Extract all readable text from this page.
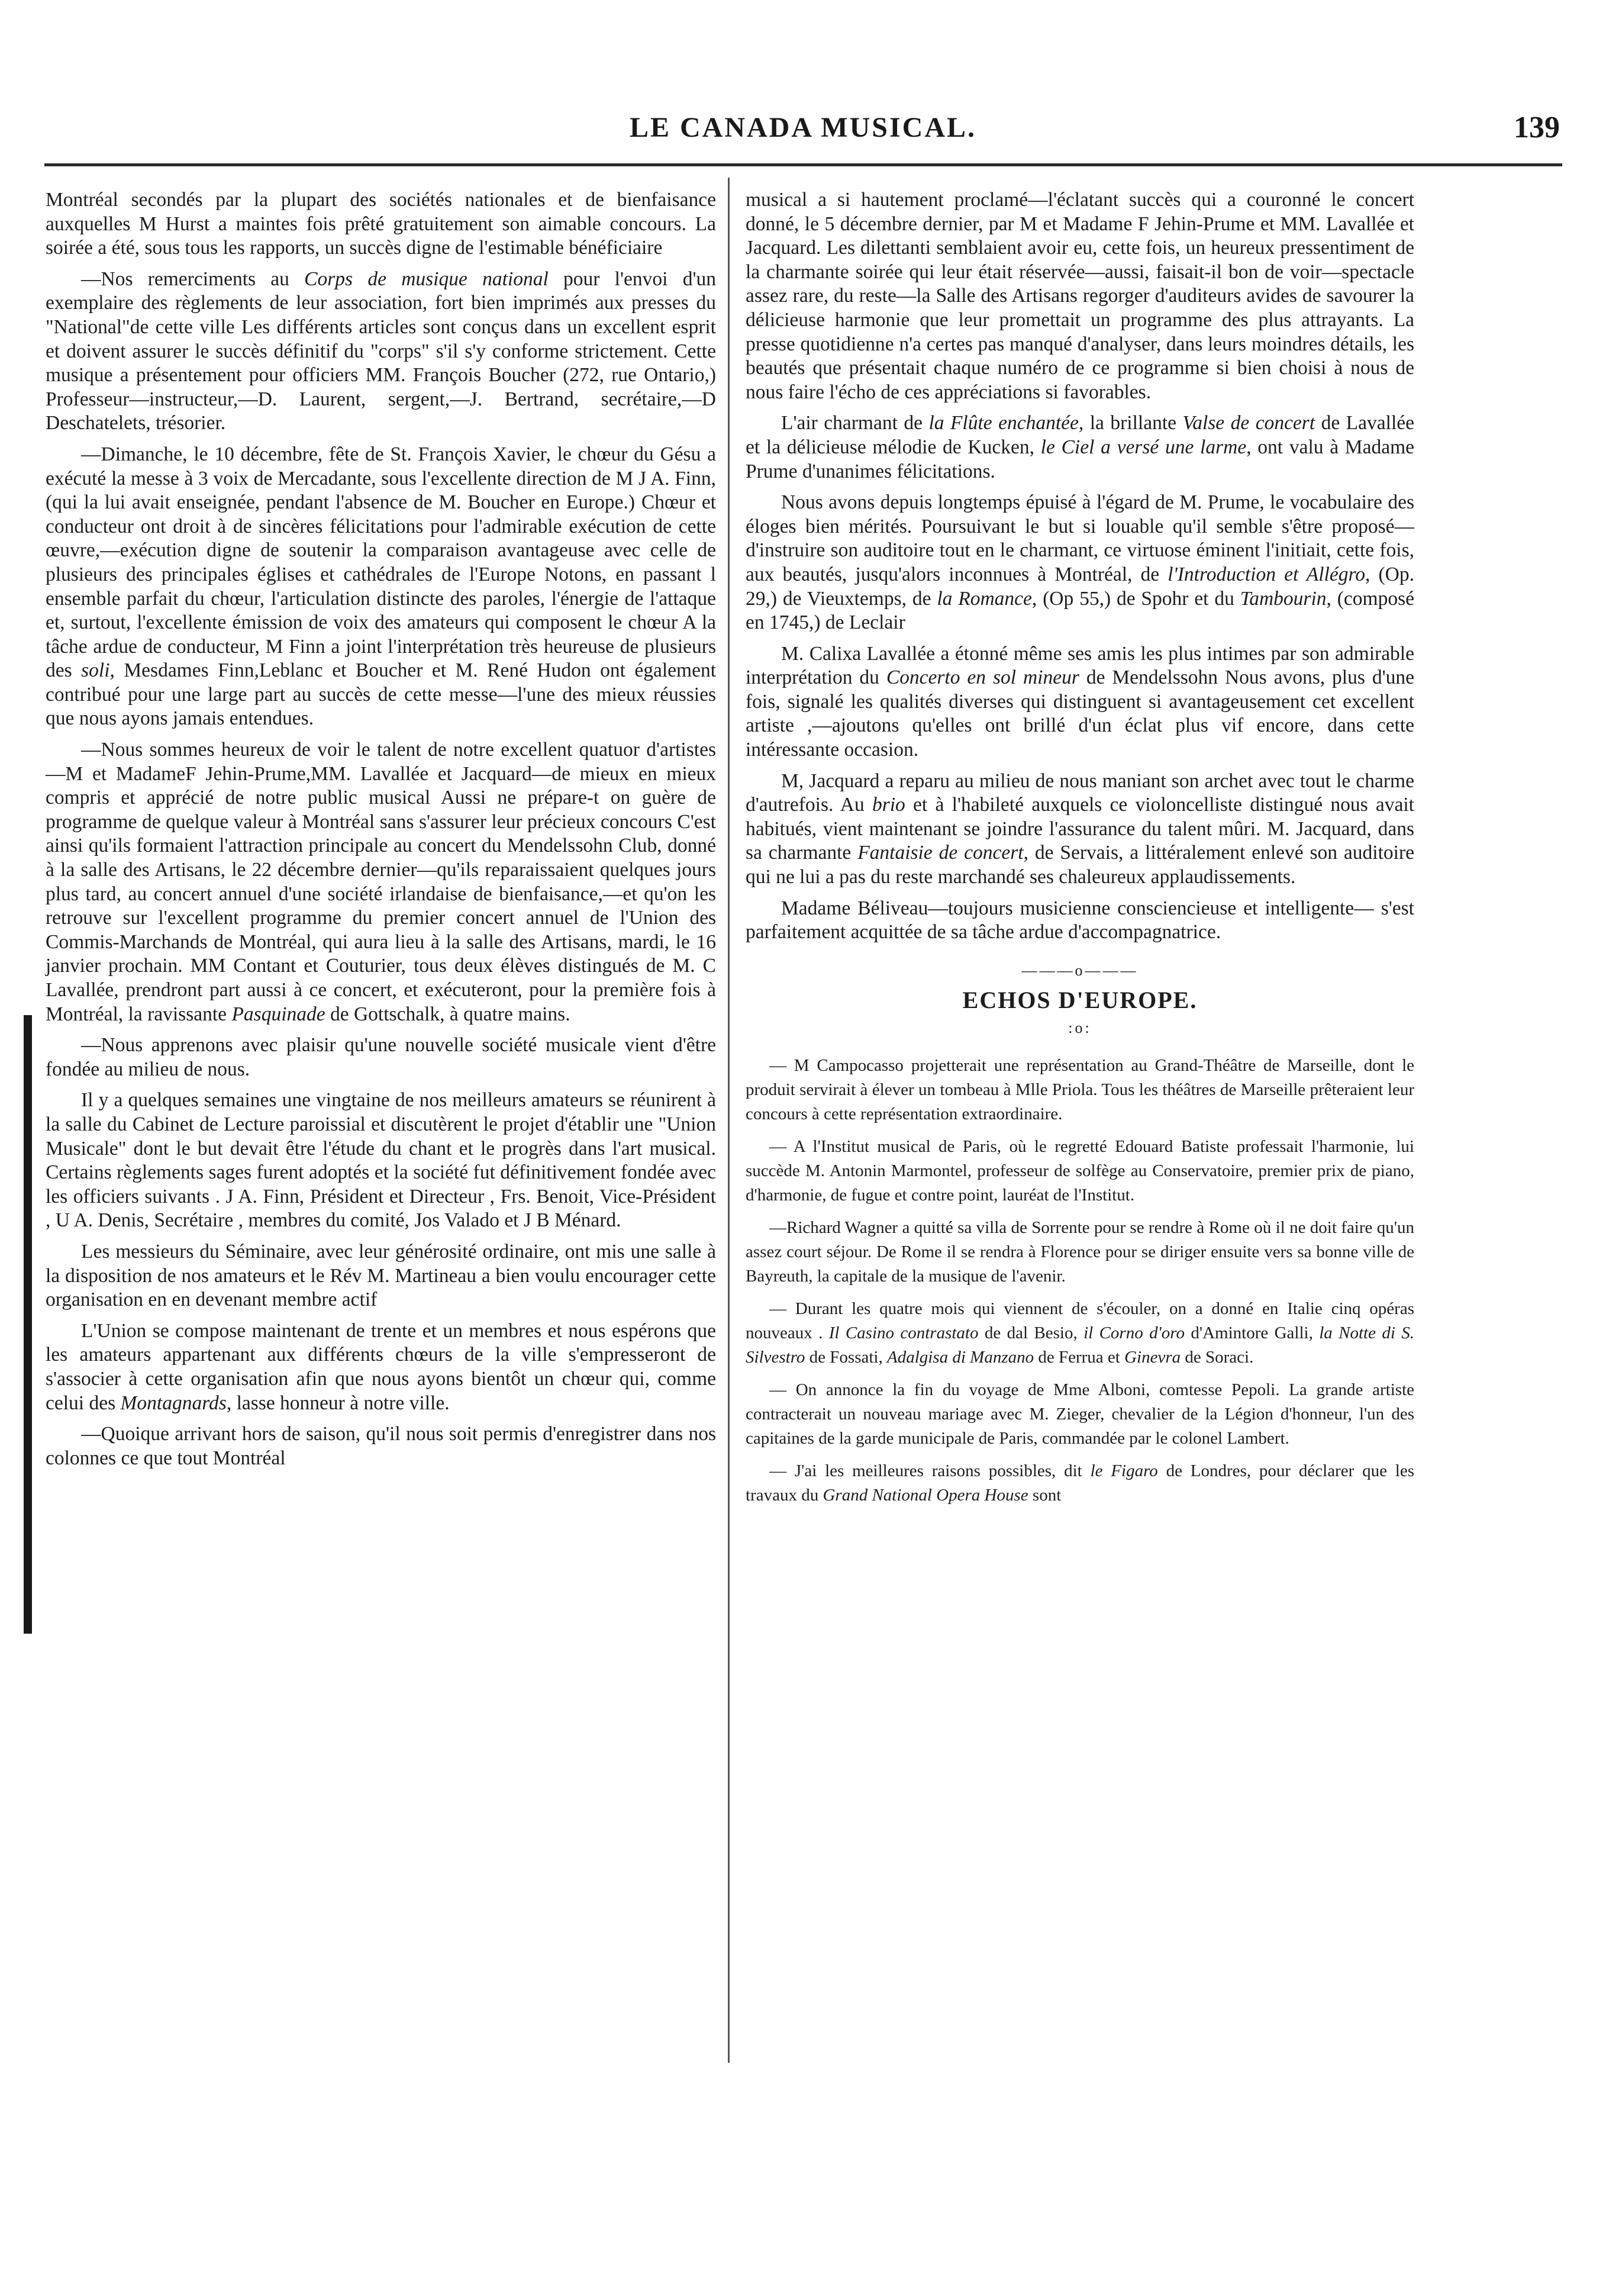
LE CANADA MUSICAL.	139

Montréal secondés par la plupart des sociétés nationales et de bienfaisance auxquelles M Hurst a maintes fois prêté gratuitement son aimable concours. La soirée a été, sous tous les rapports, un succès digne de l'estimable bénéficiaire

—Nos remerciments au Corps de musique national pour l'envoi d'un exemplaire des règlements de leur association, fort bien imprimés aux presses du "National"de cette ville Les différents articles sont conçus dans un excellent esprit et doivent assurer le succès définitif du "corps" s'il s'y conforme strictement. Cette musique a présentement pour officiers MM. François Boucher (272, rue Ontario,) Professeur—instructeur,—D. Laurent, sergent,—J. Bertrand, secrétaire,—D Deschatelets, trésorier.

—Dimanche, le 10 décembre, fête de St. François Xavier, le chœur du Gésu a exécuté la messe à 3 voix de Mercadante, sous l'excellente direction de M J A. Finn, (qui la lui avait enseignée, pendant l'absence de M. Boucher en Europe.) Chœur et conducteur ont droit à de sincères félicitations pour l'admirable exécution de cette œuvre,—exécution digne de soutenir la comparaison avantageuse avec celle de plusieurs des principales églises et cathédrales de l'Europe Notons, en passant l ensemble parfait du chœur, l'articulation distincte des paroles, l'énergie de l'attaque et, surtout, l'excellente émission de voix des amateurs qui composent le chœur A la tâche ardue de conducteur, M Finn a joint l'interprétation très heureuse de plusieurs des soli, Mesdames Finn,Leblanc et Boucher et M. René Hudon ont également contribué pour une large part au succès de cette messe—l'une des mieux réussies que nous ayons jamais entendues.

—Nous sommes heureux de voir le talent de notre excellent quatuor d'artistes—M et MadameF Jehin-Prume,MM. Lavallée et Jacquard—de mieux en mieux compris et apprécié de notre public musical Aussi ne prépare-t on guère de programme de quelque valeur à Montréal sans s'assurer leur précieux concours C'est ainsi qu'ils formaient l'attraction principale au concert du Mendelssohn Club, donné à la salle des Artisans, le 22 décembre dernier—qu'ils reparaissaient quelques jours plus tard, au concert annuel d'une société irlandaise de bienfaisance,—et qu'on les retrouve sur l'excellent programme du premier concert annuel de l'Union des Commis-Marchands de Montréal, qui aura lieu à la salle des Artisans, mardi, le 16 janvier prochain. MM Contant et Couturier, tous deux élèves distingués de M. C Lavallée, prendront part aussi à ce concert, et exécuteront, pour la première fois à Montréal, la ravissante Pasquinade de Gottschalk, à quatre mains.

—Nous apprenons avec plaisir qu'une nouvelle société musicale vient d'être fondée au milieu de nous.

Il y a quelques semaines une vingtaine de nos meilleurs amateurs se réunirent à la salle du Cabinet de Lecture paroissial et discutèrent le projet d'établir une "Union Musicale" dont le but devait être l'étude du chant et le progrès dans l'art musical. Certains règlements sages furent adoptés et la société fut définitivement fondée avec les officiers suivants . J A. Finn, Président et Directeur , Frs. Benoit, Vice-Président , U A. Denis, Secrétaire , membres du comité, Jos Valado et J B Ménard.

Les messieurs du Séminaire, avec leur générosité ordinaire, ont mis une salle à la disposition de nos amateurs et le Rév M. Martineau a bien voulu encourager cette organisation en en devenant membre actif

L'Union se compose maintenant de trente et un membres et nous espérons que les amateurs appartenant aux différents chœurs de la ville s'empresseront de s'associer à cette organisation afin que nous ayons bientôt un chœur qui, comme celui des Montagnards, lasse honneur à notre ville.

—Quoique arrivant hors de saison, qu'il nous soit permis d'enregistrer dans nos colonnes ce que tout Montréal

musical a si hautement proclamé—l'éclatant succès qui a couronné le concert donné, le 5 décembre dernier, par M et Madame F Jehin-Prume et MM. Lavallée et Jacquard. Les dilettanti semblaient avoir eu, cette fois, un heureux pressentiment de la charmante soirée qui leur était réservée—aussi, faisait-il bon de voir—spectacle assez rare, du reste—la Salle des Artisans regorger d'auditeurs avides de savourer la délicieuse harmonie que leur promettait un programme des plus attrayants. La presse quotidienne n'a certes pas manqué d'analyser, dans leurs moindres détails, les beautés que présentait chaque numéro de ce programme si bien choisi à nous de nous faire l'écho de ces appréciations si favorables.

L'air charmant de la Flûte enchantée, la brillante Valse de concert de Lavallée et la délicieuse mélodie de Kucken, le Ciel a versé une larme, ont valu à Madame Prume d'unanimes félicitations.

Nous avons depuis longtemps épuisé à l'égard de M. Prume, le vocabulaire des éloges bien mérités. Poursuivant le but si louable qu'il semble s'être proposé—d'instruire son auditoire tout en le charmant, ce virtuose éminent l'initiait, cette fois, aux beautés, jusqu'alors inconnues à Montréal, de l'Introduction et Allégro, (Op. 29,) de Vieuxtemps, de la Romance, (Op 55,) de Spohr et du Tambourin, (composé en 1745,) de Leclair

M. Calixa Lavallée a étonné même ses amis les plus intimes par son admirable interprétation du Concerto en sol mineur de Mendelssohn Nous avons, plus d'une fois, signalé les qualités diverses qui distinguent si avantageusement cet excellent artiste ,—ajoutons qu'elles ont brillé d'un éclat plus vif encore, dans cette intéressante occasion.

M, Jacquard a reparu au milieu de nous maniant son archet avec tout le charme d'autrefois. Au brio et à l'habileté auxquels ce violoncelliste distingué nous avait habitués, vient maintenant se joindre l'assurance du talent mûri. M. Jacquard, dans sa charmante Fantaisie de concert, de Servais, a littéralement enlevé son auditoire qui ne lui a pas du reste marchandé ses chaleureux applaudissements.

Madame Béliveau—toujours musicienne consciencieuse et intelligente— s'est parfaitement acquittée de sa tâche ardue d'accompagnatrice.

———o———
ECHOS D'EUROPE.
:o:

— M Campocasso projetterait une représentation au Grand-Théâtre de Marseille, dont le produit servirait à élever un tombeau à Mlle Priola. Tous les théâtres de Marseille prêteraient leur concours à cette représentation extraordinaire.

— A l'Institut musical de Paris, où le regretté Edouard Batiste professait l'harmonie, lui succède M. Antonin Marmontel, professeur de solfège au Conservatoire, premier prix de piano, d'harmonie, de fugue et contre point, lauréat de l'Institut.

—Richard Wagner a quitté sa villa de Sorrente pour se rendre à Rome où il ne doit faire qu'un assez court séjour. De Rome il se rendra à Florence pour se diriger ensuite vers sa bonne ville de Bayreuth, la capitale de la musique de l'avenir.

— Durant les quatre mois qui viennent de s'écouler, on a donné en Italie cinq opéras nouveaux . Il Casino contrastato de dal Besio, il Corno d'oro d'Amintore Galli, la Notte di S. Silvestro de Fossati, Adalgisa di Manzano de Ferrua et Ginevra de Soraci.

— On annonce la fin du voyage de Mme Alboni, comtesse Pepoli. La grande artiste contracterait un nouveau mariage avec M. Zieger, chevalier de la Légion d'honneur, l'un des capitaines de la garde municipale de Paris, commandée par le colonel Lambert.

— J'ai les meilleures raisons possibles, dit le Figaro de Londres, pour déclarer que les travaux du Grand National Opera House sont
